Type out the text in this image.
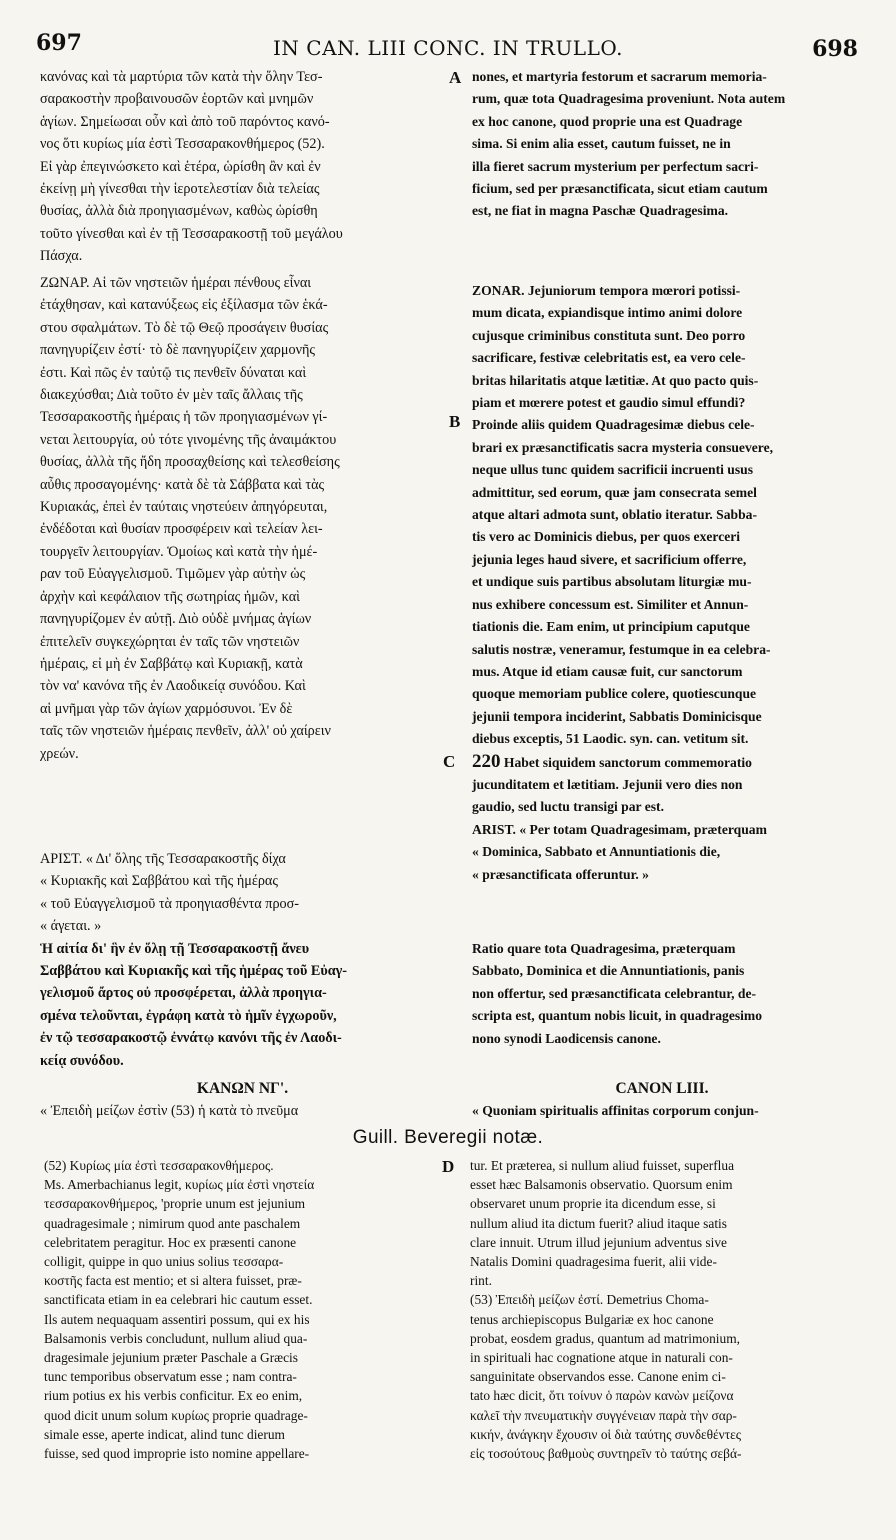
697	IN CAN. LIII CONC. IN TRULLO.	698
A
B
C
D

κανόνας καὶ τὰ μαρτύρια τῶν κατὰ τὴν ὅλην Τεσ-

σαρακοστὴν προβαινουσῶν ἑορτῶν καὶ μνημῶν

ἁγίων. Σημείωσαι οὖν καὶ ἀπὸ τοῦ παρόντος κανό-

νος ὅτι κυρίως μία ἐστὶ Τεσσαρακονθήμερος (52).

Εἰ γὰρ ἐπεγινώσκετο καὶ ἑτέρα, ὡρίσθη ἂν καὶ ἐν

ἐκείνῃ μὴ γίνεσθαι τὴν ἱεροτελεστίαν διὰ τελείας

θυσίας, ἀλλὰ διὰ προηγιασμένων, καθὼς ὡρίσθη

τοῦτο γίνεσθαι καὶ ἐν τῇ Τεσσαρακοστῇ τοῦ μεγάλου

Πάσχα.

ΖΩΝΑΡ. Αἱ τῶν νηστειῶν ἡμέραι πένθους εἶναι

ἐτάχθησαν, καὶ κατανύξεως εἰς ἐξίλασμα τῶν ἑκά-

στου σφαλμάτων. Τὸ δὲ τῷ Θεῷ προσάγειν θυσίας

πανηγυρίζειν ἐστί· τὸ δὲ πανηγυρίζειν χαρμονῆς

ἐστι. Καὶ πῶς ἐν ταὐτῷ τις πενθεῖν δύναται καὶ

διακεχύσθαι; Διὰ τοῦτο ἐν μὲν ταῖς ἄλλαις τῆς

Τεσσαρακοστῆς ἡμέραις ἡ τῶν προηγιασμένων γί-

νεται λειτουργία, οὐ τότε γινομένης τῆς ἀναιμάκτου

θυσίας, ἀλλὰ τῆς ἤδη προσαχθείσης καὶ τελεσθείσης

αὖθις προσαγομένης· κατὰ δὲ τὰ Σάββατα καὶ τὰς

Κυριακάς, ἐπεὶ ἐν ταύταις νηστεύειν ἀπηγόρευται,

ἐνδέδοται καὶ θυσίαν προσφέρειν καὶ τελείαν λει-

τουργεῖν λειτουργίαν. Ὁμοίως καὶ κατὰ τὴν ἡμέ-

ραν τοῦ Εὐαγγελισμοῦ. Τιμῶμεν γὰρ αὐτὴν ὡς

ἀρχὴν καὶ κεφάλαιον τῆς σωτηρίας ἡμῶν, καὶ

πανηγυρίζομεν ἐν αὐτῇ. Διὸ οὐδὲ μνήμας ἁγίων

ἐπιτελεῖν συγκεχώρηται ἐν ταῖς τῶν νηστειῶν

ἡμέραις, εἰ μὴ ἐν Σαββάτῳ καὶ Κυριακῇ, κατὰ

τὸν να' κανόνα τῆς ἐν Λαοδικείᾳ συνόδου. Καὶ

αἱ μνῆμαι γὰρ τῶν ἁγίων χαρμόσυνοι. Ἐν δὲ

ταῖς τῶν νηστειῶν ἡμέραις πενθεῖν, ἀλλ' οὐ χαίρειν

χρεών.

ΑΡΙΣΤ. « Δι' ὅλης τῆς Τεσσαρακοστῆς δίχα

« Κυριακῆς καὶ Σαββάτου καὶ τῆς ἡμέρας

« τοῦ Εὐαγγελισμοῦ τὰ προηγιασθέντα προσ-

« άγεται. »

Ἡ αἰτία δι' ἣν ἐν ὅλῃ τῇ Τεσσαρακοστῇ ἄνευ

Σαββάτου καὶ Κυριακῆς καὶ τῆς ἡμέρας τοῦ Εὐαγ-

γελισμοῦ ἄρτος οὐ προσφέρεται, ἀλλὰ προηγια-

σμένα τελοῦνται, ἐγράφη κατὰ τὸ ἡμῖν ἐγχωροῦν,

ἐν τῷ τεσσαρακοστῷ ἐννάτῳ κανόνι τῆς ἐν Λαοδι-

κείᾳ συνόδου.

ΚΑΝΩΝ ΝΓ'.

« Ἐπειδὴ μείζων ἐστὶν (53) ἡ κατὰ τὸ πνεῦμα

nones, et martyria festorum et sacrarum memoria-

rum, quæ tota Quadragesima proveniunt. Nota autem

ex hoc canone, quod proprie una est Quadrage

sima. Si enim alia esset, cautum fuisset, ne in

illa fieret sacrum mysterium per perfectum sacri-

ficium, sed per præsanctificata, sicut etiam cautum

est, ne fiat in magna Paschæ Quadragesima.

ZONAR. Jejuniorum tempora mœrori potissi-

mum dicata, expiandisque intimo animi dolore

cujusque criminibus constituta sunt. Deo porro

sacrificare, festivæ celebritatis est, ea vero cele-

britas hilaritatis atque lætitiæ. At quo pacto quis-

piam et mœrere potest et gaudio simul effundi?

Proinde aliis quidem Quadragesimæ diebus cele-

brari ex præsanctificatis sacra mysteria consuevere,

neque ullus tunc quidem sacrificii incruenti usus

admittitur, sed eorum, quæ jam consecrata semel

atque altari admota sunt, oblatio iteratur. Sabba-

tis vero ac Dominicis diebus, per quos exerceri

jejunia leges haud sivere, et sacrificium offerre,

et undique suis partibus absolutam liturgiæ mu-

nus exhibere concessum est. Similiter et Annun-

tiationis die. Eam enim, ut principium caputque

salutis nostræ, veneramur, festumque in ea celebra-

mus. Atque id etiam causæ fuit, cur sanctorum

quoque memoriam publice colere, quotiescunque

jejunii tempora inciderint, Sabbatis Dominicisque

diebus exceptis, 51 Laodic. syn. can. vetitum sit.

220 Habet siquidem sanctorum commemoratio

jucunditatem et lætitiam. Jejunii vero dies non

gaudio, sed luctu transigi par est.

ARIST. « Per totam Quadragesimam, præterquam

« Dominica, Sabbato et Annuntiationis die,

« præsanctificata offeruntur. »

Ratio quare tota Quadragesima, præterquam

Sabbato, Dominica et die Annuntiationis, panis

non offertur, sed præsanctificata celebrantur, de-

scripta est, quantum nobis licuit, in quadragesimo

nono synodi Laodicensis canone.

CANON LIII.

« Quoniam spiritualis affinitas corporum conjun-

Guill. Beveregii notæ.

(52) Κυρίως μία ἐστὶ τεσσαρακονθήμερος.

Ms. Amerbachianus legit, κυρίως μία ἐστὶ νηστεία

τεσσαρακονθήμερος, 'proprie unum est jejunium

quadragesimale ; nimirum quod ante paschalem

celebritatem peragitur. Hoc ex præsenti canone

colligit, quippe in quo unius solius τεσσαρα-

κοστῆς facta est mentio; et si altera fuisset, præ-

sanctificata etiam in ea celebrari hic cautum esset.

Ils autem nequaquam assentiri possum, qui ex his

Balsamonis verbis concludunt, nullum aliud qua-

dragesimale jejunium præter Paschale a Græcis

tunc temporibus observatum esse ; nam contra-

rium potius ex his verbis conficitur. Ex eo enim,

quod dicit unum solum κυρίως proprie quadrage-

simale esse, aperte indicat, alind tunc dierum

fuisse, sed quod improprie isto nomine appellare-

tur. Et præterea, si nullum aliud fuisset, superflua

esset hæc Balsamonis observatio. Quorsum enim

observaret unum proprie ita dicendum esse, si

nullum aliud ita dictum fuerit? aliud itaque satis

clare innuit. Utrum illud jejunium adventus sive

Natalis Domini quadragesima fuerit, alii vide-

rint.

(53) Ἐπειδὴ μείζων ἐστί. Demetrius Choma-

tenus archiepiscopus Bulgariæ ex hoc canone

probat, eosdem gradus, quantum ad matrimonium,

in spirituali hac cognatione atque in naturali con-

sanguinitate observandos esse. Canone enim ci-

tato hæc dicit, ὅτι τοίνυν ὁ παρὼν κανὼν μείζονα

καλεῖ τὴν πνευματικὴν συγγένειαν παρὰ τὴν σαρ-

κικήν, ἀνάγκην ἔχουσιν οἱ διὰ ταύτης συνδεθέντες

εἰς τοσούτους βαθμοὺς συντηρεῖν τὸ ταύτης σεβά-
